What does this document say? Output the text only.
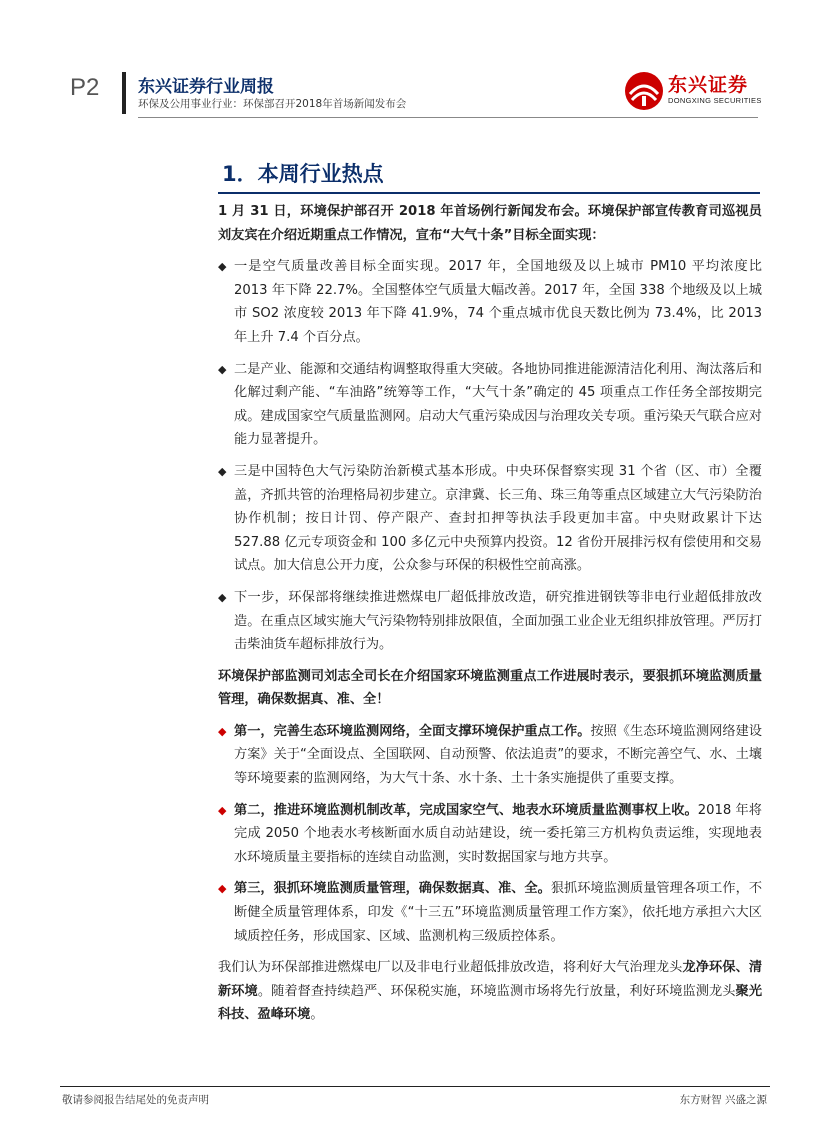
P2 东兴证券行业周报
环保及公用事业行业：环保部召开2018年首场新闻发布会
东兴证券
DONGXING SECURITIES
1．本周行业热点

1 月 31 日，环境保护部召开 2018 年首场例行新闻发布会。环境保护部宣传教育司巡视员刘友宾在介绍近期重点工作情况，宣布“大气十条”目标全面实现：

◆ 一是空气质量改善目标全面实现。2017 年，全国地级及以上城市 PM10 平均浓度比 2013 年下降 22.7%。全国整体空气质量大幅改善。2017 年，全国 338 个地级及以上城市 SO2 浓度较 2013 年下降 41.9%，74 个重点城市优良天数比例为 73.4%，比 2013 年上升 7.4 个百分点。
◆ 二是产业、能源和交通结构调整取得重大突破。各地协同推进能源清洁化利用、淘汰落后和化解过剩产能、“车油路”统筹等工作，“大气十条”确定的 45 项重点工作任务全部按期完成。建成国家空气质量监测网。启动大气重污染成因与治理攻关专项。重污染天气联合应对能力显著提升。
◆ 三是中国特色大气污染防治新模式基本形成。中央环保督察实现 31 个省（区、市）全覆盖，齐抓共管的治理格局初步建立。京津冀、长三角、珠三角等重点区域建立大气污染防治协作机制；按日计罚、停产限产、查封扣押等执法手段更加丰富。中央财政累计下达 527.88 亿元专项资金和 100 多亿元中央预算内投资。12 省份开展排污权有偿使用和交易试点。加大信息公开力度，公众参与环保的积极性空前高涨。
◆ 下一步，环保部将继续推进燃煤电厂超低排放改造，研究推进钢铁等非电行业超低排放改造。在重点区域实施大气污染物特别排放限值，全面加强工业企业无组织排放管理。严厉打击柴油货车超标排放行为。

环境保护部监测司刘志全司长在介绍国家环境监测重点工作进展时表示，要狠抓环境监测质量管理，确保数据真、准、全！

◆ 第一，完善生态环境监测网络，全面支撑环境保护重点工作。按照《生态环境监测网络建设方案》关于“全面设点、全国联网、自动预警、依法追责”的要求，不断完善空气、水、土壤等环境要素的监测网络，为大气十条、水十条、土十条实施提供了重要支撑。
◆ 第二，推进环境监测机制改革，完成国家空气、地表水环境质量监测事权上收。2018 年将完成 2050 个地表水考核断面水质自动站建设，统一委托第三方机构负责运维，实现地表水环境质量主要指标的连续自动监测，实时数据国家与地方共享。
◆ 第三，狠抓环境监测质量管理，确保数据真、准、全。狠抓环境监测质量管理各项工作，不断健全质量管理体系，印发《“十三五”环境监测质量管理工作方案》，依托地方承担六大区域质控任务，形成国家、区域、监测机构三级质控体系。

我们认为环保部推进燃煤电厂以及非电行业超低排放改造，将利好大气治理龙头龙净环保、清新环境。随着督查持续趋严、环保税实施，环境监测市场将先行放量，利好环境监测龙头聚光科技、盈峰环境。

敬请参阅报告结尾处的免责声明	东方财智 兴盛之源
